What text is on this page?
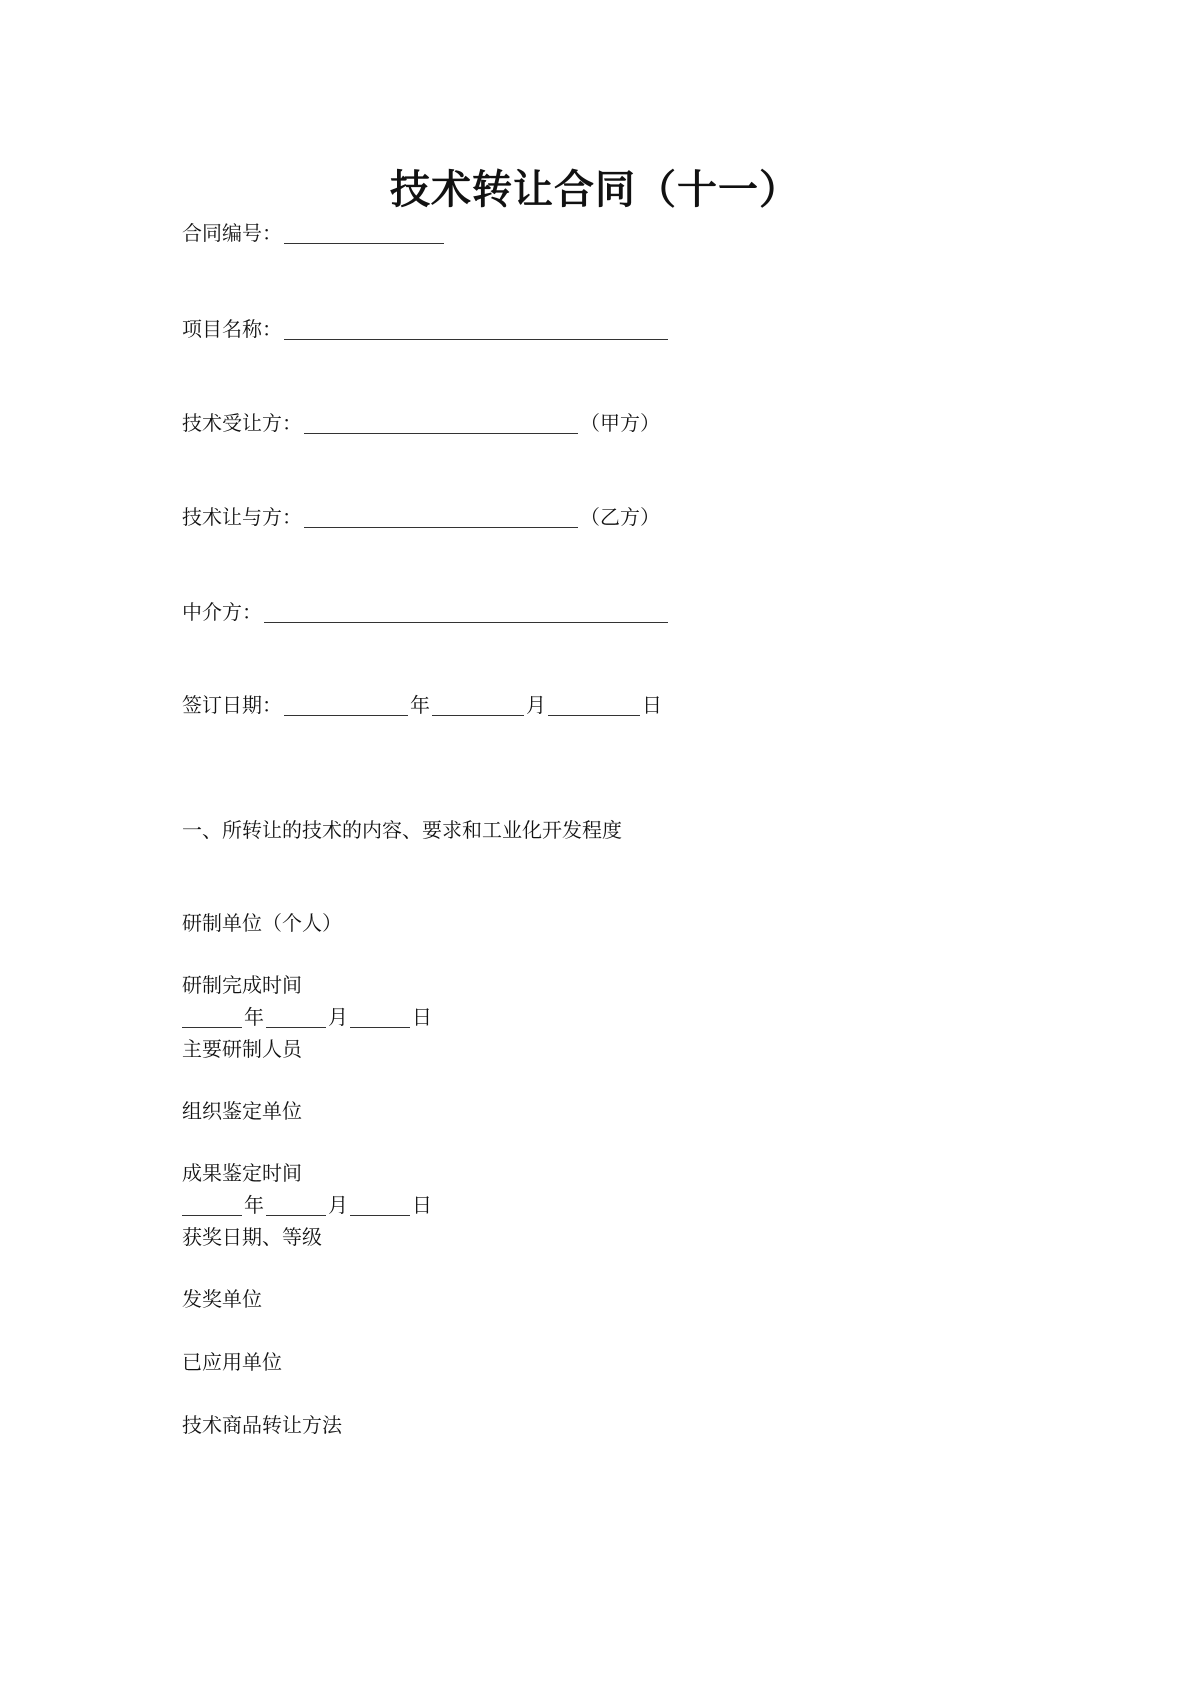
技术转让合同（十一）
合同编号：
项目名称：
技术受让方：	（甲方）
技术让与方：	（乙方）
中介方：
签订日期：	年	月	日
一、所转让的技术的内容、要求和工业化开发程度
研制单位（个人）
研制完成时间
年	月	日
主要研制人员
组织鉴定单位
成果鉴定时间
年	月	日
获奖日期、等级
发奖单位
已应用单位
技术商品转让方法
